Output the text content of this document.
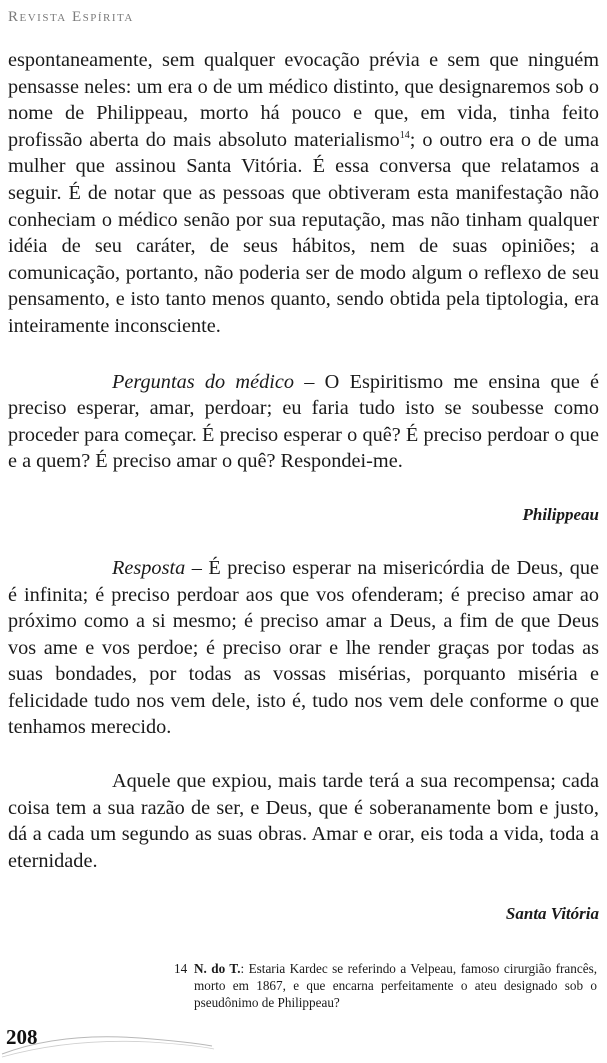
Revista Espírita

espontaneamente, sem qualquer evocação prévia e sem que ninguém pensasse neles: um era o de um médico distinto, que designaremos sob o nome de Philippeau, morto há pouco e que, em vida, tinha feito profissão aberta do mais absoluto materialismo$^{14}$; o outro era o de uma mulher que assinou Santa Vitória. É essa conversa que relatamos a seguir. É de notar que as pessoas que obtiveram esta manifestação não conheciam o médico senão por sua reputação, mas não tinham qualquer idéia de seu caráter, de seus hábitos, nem de suas opiniões; a comunicação, portanto, não poderia ser de modo algum o reflexo de seu pensamento, e isto tanto menos quanto, sendo obtida pela tiptologia, era inteiramente inconsciente.

Perguntas do médico – O Espiritismo me ensina que é preciso esperar, amar, perdoar; eu faria tudo isto se soubesse como proceder para começar. É preciso esperar o quê? É preciso perdoar o que e a quem? É preciso amar o quê? Respondei-me.

Philippeau

Resposta – É preciso esperar na misericórdia de Deus, que é infinita; é preciso perdoar aos que vos ofenderam; é preciso amar ao próximo como a si mesmo; é preciso amar a Deus, a fim de que Deus vos ame e vos perdoe; é preciso orar e lhe render graças por todas as suas bondades, por todas as vossas misérias, porquanto miséria e felicidade tudo nos vem dele, isto é, tudo nos vem dele conforme o que tenhamos merecido.

Aquele que expiou, mais tarde terá a sua recompensa; cada coisa tem a sua razão de ser, e Deus, que é soberanamente bom e justo, dá a cada um segundo as suas obras. Amar e orar, eis toda a vida, toda a eternidade.

Santa Vitória

14 N. do T.: Estaria Kardec se referindo a Velpeau, famoso cirurgião francês, morto em 1867, e que encarna perfeitamente o ateu designado sob o pseudônimo de Philippeau?

208
